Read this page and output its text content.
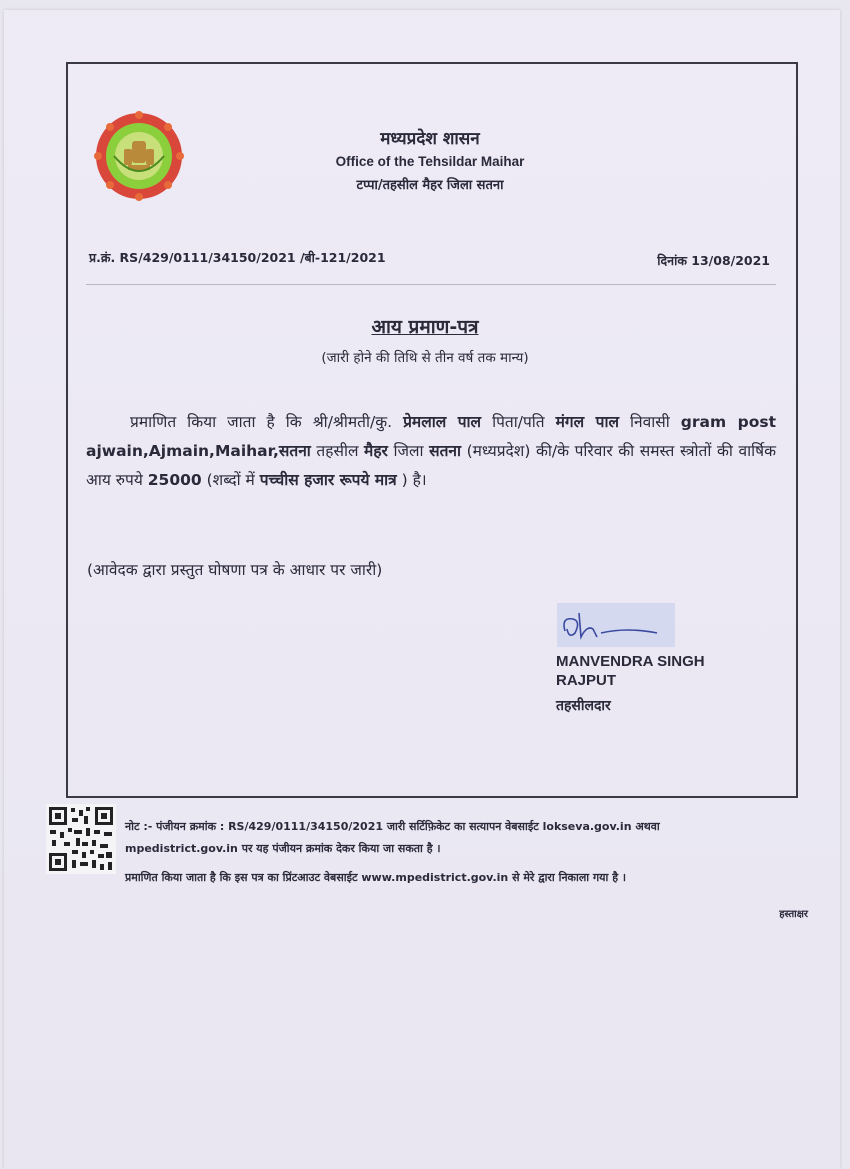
मध्यप्रदेश शासन
Office of the Tehsildar Maihar
टप्पा/तहसील मैहर जिला सतना
प्र.क्रं. RS/429/0111/34150/2021 /बी-121/2021	दिनांक 13/08/2021
आय प्रमाण-पत्र
(जारी होने की तिथि से तीन वर्ष तक मान्य)
प्रमाणित किया जाता है कि श्री/श्रीमती/कु. प्रेमलाल पाल पिता/पति मंगल पाल निवासी gram post ajwain,Ajmain,Maihar,सतना तहसील मैहर जिला सतना (मध्यप्रदेश) की/के परिवार की समस्त स्त्रोतों की वार्षिक आय रुपये 25000 (शब्दों में पच्चीस हजार रूपये मात्र ) है।
(आवेदक द्वारा प्रस्तुत घोषणा पत्र के आधार पर जारी)
MANVENDRA SINGH
RAJPUT
तहसीलदार
नोट :- पंजीयन क्रमांक : RS/429/0111/34150/2021 जारी सर्टिफ़िकेट का सत्यापन वेबसाईट lokseva.gov.in अथवा mpedistrict.gov.in पर यह पंजीयन क्रमांक देकर किया जा सकता है ।
प्रमाणित किया जाता है कि इस पत्र का प्रिंटआउट वेबसाईट www.mpedistrict.gov.in से मेरे द्वारा निकाला गया है ।
हस्ताक्षर
